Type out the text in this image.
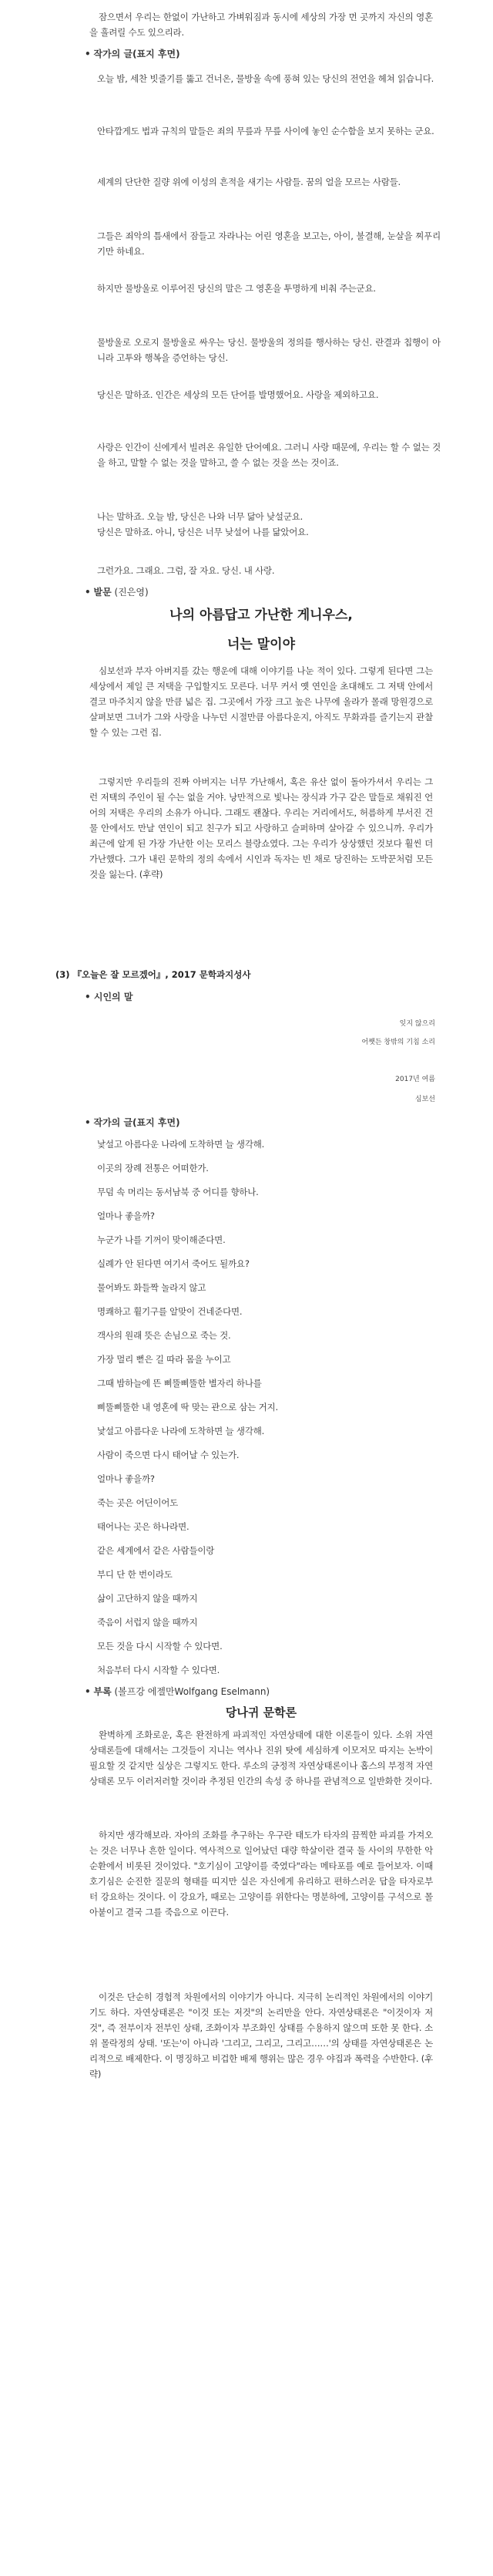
잠으면서 우리는 한없이 가난하고 가벼워짐과 동시에 세상의 가장 먼 곳까지 자신의 영혼을 흘려릴 수도 있으리라.
• 작가의 글(표지 후면)
오늘 밤, 세찬 빗줄기를 뚫고 건너온, 물방울 속에 풍혀 있는 당신의 전언을 헤쳐 읽습니다.
안타깝게도 법과 규칙의 말들은 죄의 무릎과 무릎 사이에 놓인 순수함을 보지 못하는 군요.
세계의 단단한 질량 위에 이성의 흔적을 새기는 사람들. 꿈의 얼을 모르는 사람들.
그들은 죄악의 틈새에서 잠들고 자라나는 어린 영혼을 보고는, 아이, 불결해, 눈살을 찌푸리기만 하네요.
하지만 물방울로 이루어진 당신의 말은 그 영혼을 투명하게 비춰 주는군요.
물방울로 오로지 물방울로 싸우는 당신. 물방울의 정의를 행사하는 당신. 란결과 칩행이 아니라 고투와 행복을 증언하는 당신.
당신은 말하죠. 인간은 세상의 모든 단어를 발명했어요. 사랑을 제외하고요.
사랑은 인간이 신에게서 빌려온 유일한 단어예요. 그러니 사랑 때문에, 우리는 할 수 없는 것을 하고, 말할 수 없는 것을 말하고, 쓸 수 없는 것을 쓰는 것이죠.
나는 말하죠. 오늘 밤, 당신은 나와 너무 닮아 낮설군요.
당신은 말하죠. 아니, 당신은 너무 낮설어 나를 닮았어요.
그런가요. 그래요. 그럼, 잘 자요. 당신. 내 사랑.
• 발문 (진은영)
나의 아름답고 가난한 게니우스,
너는 말이야
심보선과 부자 아버지를 갔는 행운에 대해 이야기를 나눈 적이 있다. 그렇게 된다면 그는 세상에서 제일 큰 저택을 구입할지도 모른다. 너무 커서 옛 연인을 초대해도 그 저택 안에서 결코 마주치지 않을 만큼 넓은 집. 그곳에서 가장 크고 높은 나무에 올라가 몰래 망원경으로 살펴보면 그녀가 그와 사랑을 나누던 시절만큼 아름다운지, 아직도 무화과를 즐기는지 관찰할 수 있는 그런 집.
그렇지만 우리들의 진짜 아버지는 너무 가난해서, 혹은 유산 없이 돌아가셔서 우리는 그런 저택의 주인이 될 수는 없을 거야. 낭만적으로 빛나는 장식과 가구 같은 말들로 채워진 언어의 저택은 우리의 소유가 아니다. 그래도 괜찮다. 우리는 거리에서도, 허름하게 부서진 건물 안에서도 만날 연인이 되고 친구가 되고 사랑하고 슬퍼하며 살아갈 수 있으니까. 우리가 최근에 알게 된 가장 가난한 이는 모리스 블랑쇼였다. 그는 우리가 상상했던 것보다 훨씬 더 가난했다. 그가 내린 문학의 정의 속에서 시인과 독자는 빈 채로 당진하는 도박꾼처럼 모든 것을 잃는다. (후략)
(3) 『오늘은 잘 모르겠어』, 2017 문학과지성사
• 시인의 말
잊지 않으리
어쨋든 창밖의 기침 소리
2017년 여름
심보선
• 작가의 글(표지 후면)
낯설고 아름다운 나라에 도착하면 늘 생각해.
이곳의 장례 전통은 어떠한가.
무덤 속 머리는 동서남북 중 어디를 향하나.
얼마나 좋을까?
누군가 나를 기꺼이 맞이해준다면.
실례가 안 된다면 여기서 죽어도 될까요?
물어봐도 화들짝 놀라지 않고
명쾌하고 휠기구를 알맞이 건네준다면.
객사의 원래 뜻은 손님으로 죽는 것.
가장 멀리 뻗은 길 따라 몸을 누이고
그때 밤하늘에 뜬 삐뚤삐뚤한 별자리 하나를
삐뚤삐뚤한 내 영혼에 딱 맞는 관으로 삼는 거지.
낯설고 아름다운 나라에 도착하면 늘 생각해.
사람이 죽으면 다시 태어날 수 있는가.
얼마나 좋을까?
죽는 곳은 어딘이어도
태어나는 곳은 하나라면.
같은 세계에서 같은 사람들이랑
부디 단 한 번이라도
삶이 고단하지 않을 때까지
죽음이 서럽지 않을 때까지
모든 것을 다시 시작할 수 있다면.
처음부터 다시 시작할 수 있다면.
• 부록 (볼프강 에젤만Wolfgang Eselmann)
당나귀 문학론
완벽하게 조화로운, 혹은 완전하게 파괴적인 자연상태에 대한 이론들이 있다. 소위 자연상태론들에 대해서는 그것들이 지니는 역사나 진위 탓에 세심하게 이모저모 따지는 논박이 필요할 것 같지만 실상은 그렇지도 한다. 루소의 긍정적 자연상태론이나 홉스의 부정적 자연상태론 모두 이러저러할 것이라 추정된 인간의 속성 중 하나를 관념적으로 일반화한 것이다.
하지만 생각해보라. 자아의 조화를 추구하는 우구란 태도가 타자의 끔찍한 파괴를 가져오는 것은 너무나 흔한 일이다. 역사적으로 일어났던 대량 학살이란 결국 둘 사이의 무한한 악순환에서 비롯된 것이었다. "호기심이 고양이를 죽였다"라는 메타포를 예로 들어보자. 이때 호기심은 순진한 질문의 형태를 띠지만 실은 자신에게 유리하고 편하스러운 답을 타자로부터 강요하는 것이다. 이 강요가, 때로는 고양이를 위한다는 명분하에, 고양이를 구석으로 몰아붙이고 결국 그를 죽음으로 이끈다.
이것은 단순히 경험적 차원에서의 이야기가 아니다. 지극히 논리적인 차원에서의 이야기기도 하다. 자연상태론은 "이것 또는 저것"의 논리만을 안다. 자연상태론은 "이것이자 저것", 즉 전부이자 전부인 상태, 조화이자 부조화인 상태를 수용하지 않으며 또한 못 한다. 소위 몰락정의 상태. '또는'이 아니라 '그리고, 그리고, 그리고……'의 상태를 자연상태론은 논리적으로 배제한다. 이 명징하고 비겁한 배제 행위는 많은 경우 야집과 폭력을 수반한다. (후략)
